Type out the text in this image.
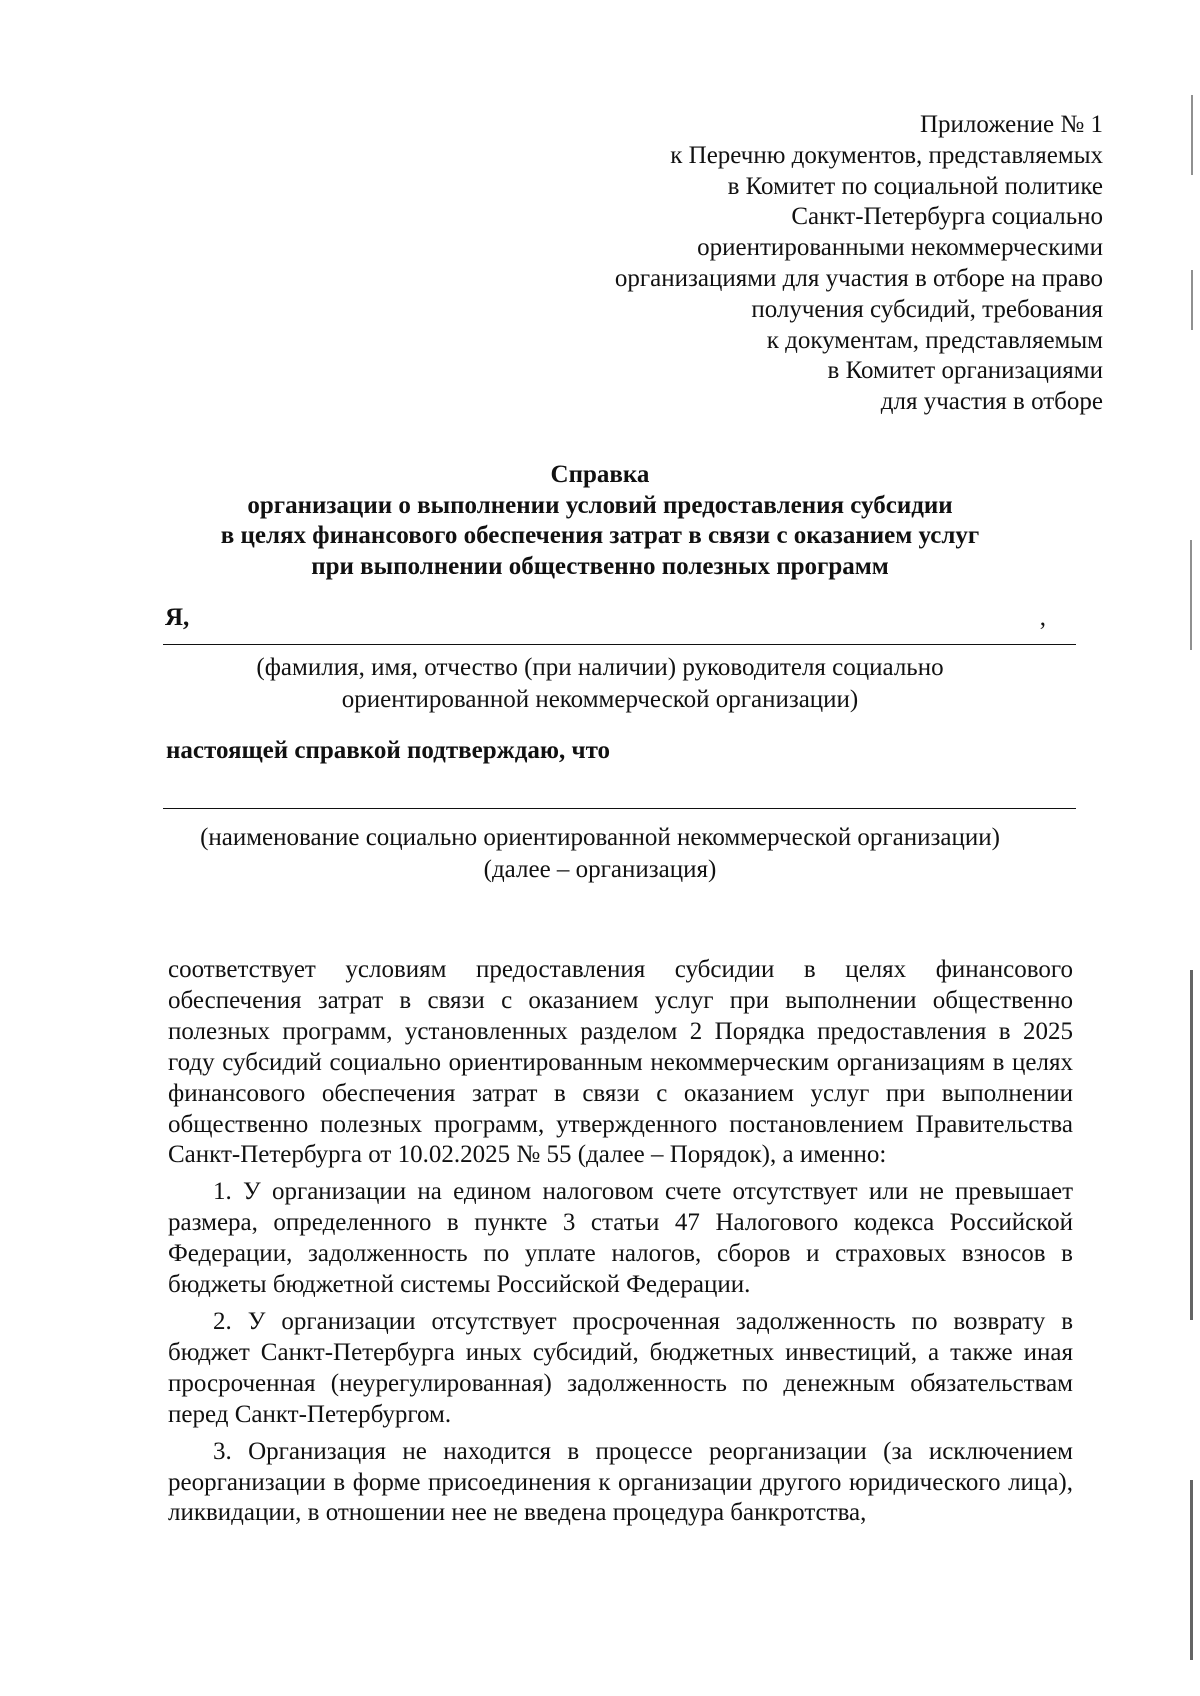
Приложение № 1
к Перечню документов, представляемых
в Комитет по социальной политике
Санкт-Петербурга социально
ориентированными некоммерческими
организациями для участия в отборе на право
получения субсидий, требования
к документам, представляемым
в Комитет организациями
для участия в отборе
Справка
организации о выполнении условий предоставления субсидии
в целях финансового обеспечения затрат в связи с оказанием услуг
при выполнении общественно полезных программ
Я,	,
(фамилия, имя, отчество (при наличии) руководителя социально
ориентированной некоммерческой организации)
настоящей справкой подтверждаю, что
(наименование социально ориентированной некоммерческой организации)
(далее – организация)

соответствует условиям предоставления субсидии в целях финансового обеспечения затрат в связи с оказанием услуг при выполнении общественно полезных программ, установленных разделом 2 Порядка предоставления в 2025 году субсидий социально ориентированным некоммерческим организациям в целях финансового обеспечения затрат в связи с оказанием услуг при выполнении общественно полезных программ, утвержденного постановлением Правительства Санкт-Петербурга от 10.02.2025 № 55 (далее – Порядок), а именно:

1. У организации на едином налоговом счете отсутствует или не превышает размера, определенного в пункте 3 статьи 47 Налогового кодекса Российской Федерации, задолженность по уплате налогов, сборов и страховых взносов в бюджеты бюджетной системы Российской Федерации.

2. У организации отсутствует просроченная задолженность по возврату в бюджет Санкт-Петербурга иных субсидий, бюджетных инвестиций, а также иная просроченная (неурегулированная) задолженность по денежным обязательствам перед Санкт-Петербургом.

3. Организация не находится в процессе реорганизации (за исключением реорганизации в форме присоединения к организации другого юридического лица), ликвидации, в отношении нее не введена процедура банкротства,
